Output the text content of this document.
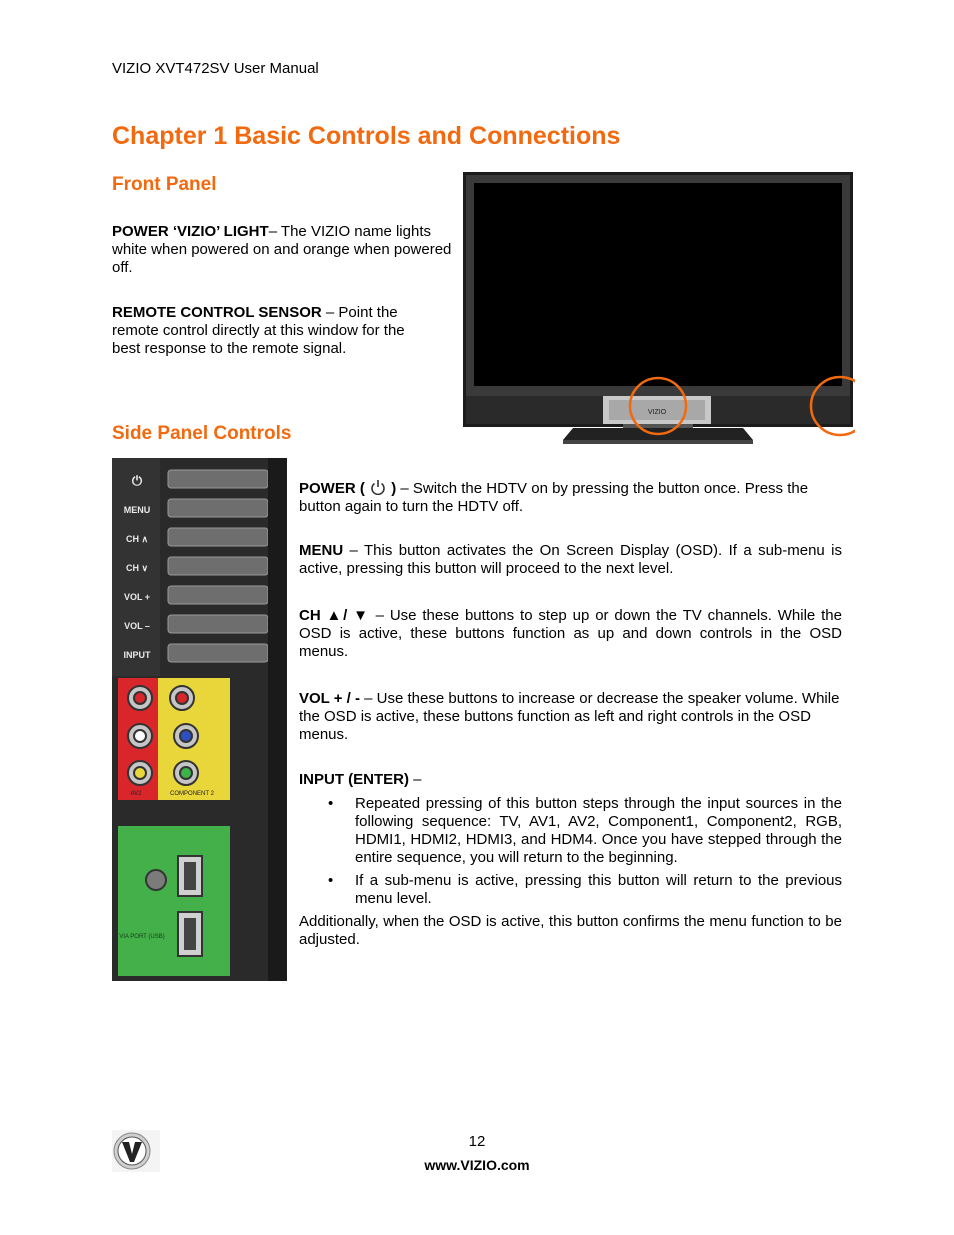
VIZIO XVT472SV User Manual
Chapter 1 Basic Controls and Connections
Front Panel

POWER ‘VIZIO’ LIGHT– The VIZIO name lights white when powered on and orange when powered off.

REMOTE CONTROL SENSOR – Point the remote control directly at this window for the best response to the remote signal.

VIZIO
Side Panel Controls
⏻
MENU
CH ∧
CH ∨
VOL +
VOL –
INPUT
AV2	COMPONENT 2
VIA PORT (USB)

POWER ( ) – Switch the HDTV on by pressing the button once. Press the button again to turn the HDTV off.

MENU – This button activates the On Screen Display (OSD). If a sub-menu is active, pressing this button will proceed to the next level.

CH ▲/ ▼ – Use these buttons to step up or down the TV channels. While the OSD is active, these buttons function as up and down controls in the OSD menus.

VOL + / - – Use these buttons to increase or decrease the speaker volume. While the OSD is active, these buttons function as left and right controls in the OSD menus.

INPUT (ENTER) –

• Repeated pressing of this button steps through the input sources in the following sequence: TV, AV1, AV2, Component1, Component2, RGB, HDMI1, HDMI2, HDMI3, and HDM4. Once you have stepped through the entire sequence, you will return to the beginning.
• If a sub-menu is active, pressing this button will return to the previous menu level.

Additionally, when the OSD is active, this button confirms the menu function to be adjusted.

12
www.VIZIO.com
